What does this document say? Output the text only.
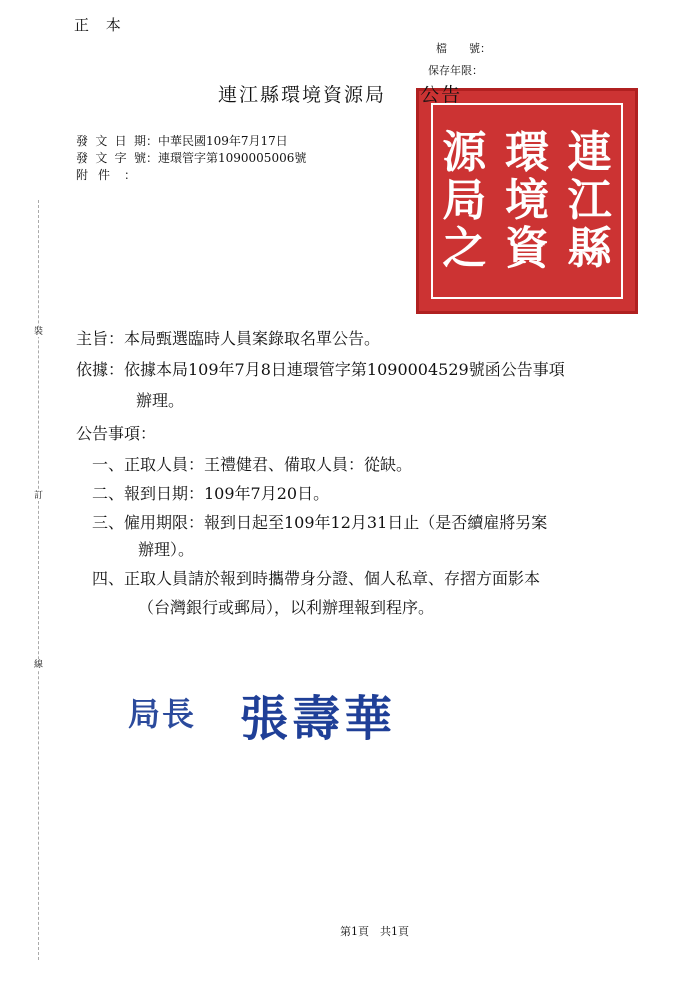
正 本
檔　　號：
保存年限：
連
江
縣
環
境
資
源
局
之
連江縣環境資源局 公告
發文日期：中華民國109年7月17日
發文字號：連環管字第1090005006號
附件 ：
裝
訂
線
主旨：本局甄選臨時人員案錄取名單公告。
依據：依據本局109年7月8日連環管字第1090004529號函公告事項
辦理。
公告事項：
一、正取人員：王禮健君、備取人員：從缺。
二、報到日期：109年7月20日。
三、僱用期限：報到日起至109年12月31日止（是否續雇將另案
辦理）。
四、正取人員請於報到時攜帶身分證、個人私章、存摺方面影本
（台灣銀行或郵局），以利辦理報到程序。
局長 張壽華
第1頁　共1頁
